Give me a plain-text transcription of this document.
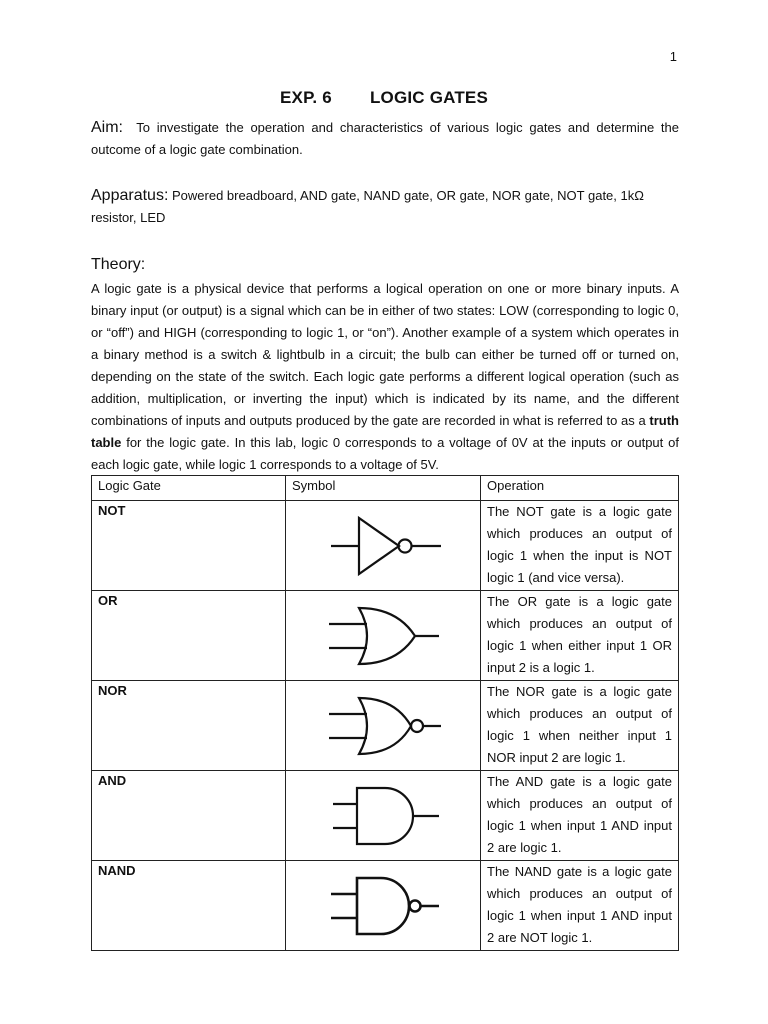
1
EXP. 6 LOGIC GATES
Aim: To investigate the operation and characteristics of various logic gates and determine the outcome of a logic gate combination.
Apparatus: Powered breadboard, AND gate, NAND gate, OR gate, NOR gate, NOT gate, 1kΩ resistor, LED
Theory:

A logic gate is a physical device that performs a logical operation on one or more binary inputs. A binary input (or output) is a signal which can be in either of two states: LOW (corresponding to logic 0, or “off”) and HIGH (corresponding to logic 1, or “on”). Another example of a system which operates in a binary method is a switch & lightbulb in a circuit; the bulb can either be turned off or turned on, depending on the state of the switch. Each logic gate performs a different logical operation (such as addition, multiplication, or inverting the input) which is indicated by its name, and the different combinations of inputs and outputs produced by the gate are recorded in what is referred to as a truth table for the logic gate. In this lab, logic 0 corresponds to a voltage of 0V at the inputs or output of each logic gate, while logic 1 corresponds to a voltage of 5V.

Logic Gate	Symbol	Operation
NOT		The NOT gate is a logic gate which produces an output of logic 1 when the input is NOT logic 1 (and vice versa).
OR		The OR gate is a logic gate which produces an output of logic 1 when either input 1 OR input 2 is a logic 1.
NOR		The NOR gate is a logic gate which produces an output of logic 1 when neither input 1 NOR input 2 are logic 1.
AND		The AND gate is a logic gate which produces an output of logic 1 when input 1 AND input 2 are logic 1.
NAND		The NAND gate is a logic gate which produces an output of logic 1 when input 1 AND input 2 are NOT logic 1.
